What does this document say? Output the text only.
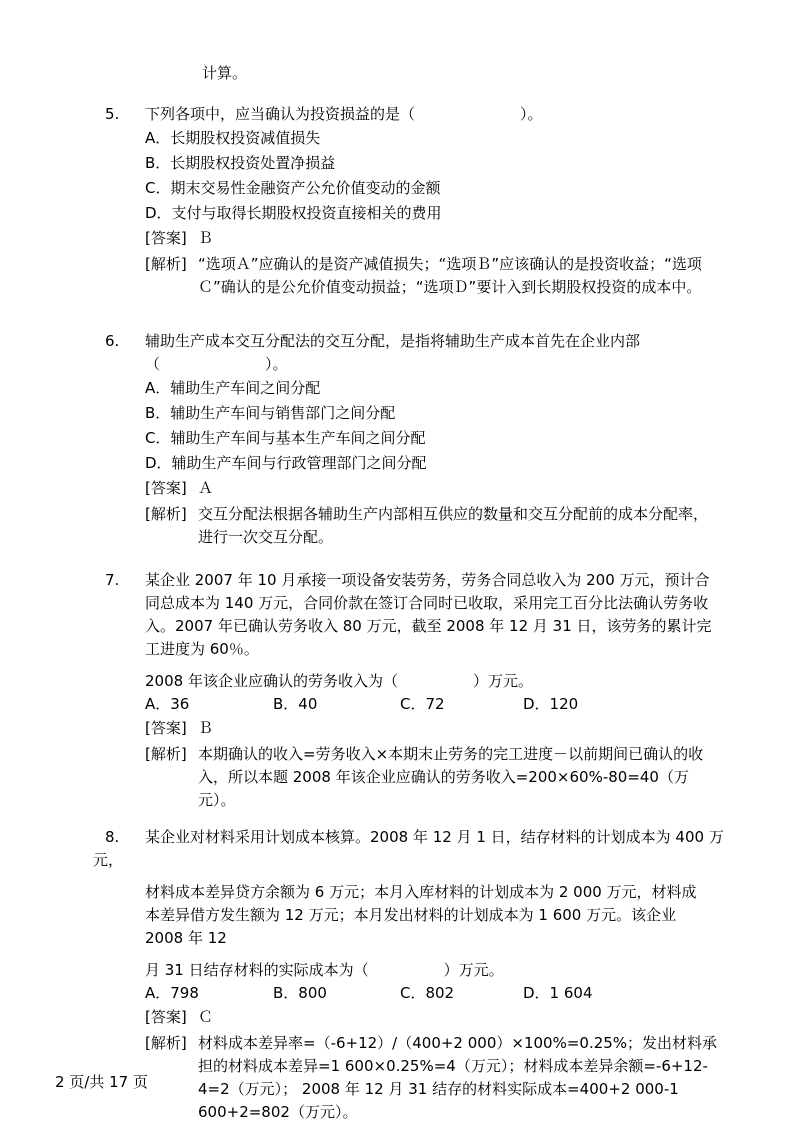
计算。
5.	下列各项中，应当确认为投资损益的是（　　　　　　　）。
A．长期股权投资减值损失
B．长期股权投资处置净损益
C．期末交易性金融资产公允价值变动的金额
D．支付与取得长期股权投资直接相关的费用
[答案] Ｂ
[解析] “选项Ａ”应确认的是资产减值损失；“选项Ｂ”应该确认的是投资收益；“选项Ｃ”确认的是公允价值变动损益；“选项Ｄ”要计入到长期股权投资的成本中。
6.	辅助生产成本交互分配法的交互分配，是指将辅助生产成本首先在企业内部
（　　　　　　　）。
A．辅助生产车间之间分配
B．辅助生产车间与销售部门之间分配
C．辅助生产车间与基本生产车间之间分配
D．辅助生产车间与行政管理部门之间分配
[答案] Ａ
[解析] 交互分配法根据各辅助生产内部相互供应的数量和交互分配前的成本分配率，进行一次交互分配。
7.	某企业 2007 年 10 月承接一项设备安装劳务，劳务合同总收入为 200 万元，预计合同总成本为 140 万元，合同价款在签订合同时已收取，采用完工百分比法确认劳务收入。2007 年已确认劳务收入 80 万元，截至 2008 年 12 月 31 日，该劳务的累计完工进度为 60％。
2008 年该企业应确认的劳务收入为（　　　　　）万元。
A．36	B．40	C．72	D．120
[答案] Ｂ
[解析] 本期确认的收入=劳务收入×本期末止劳务的完工进度－以前期间已确认的收入，所以本题 2008 年该企业应确认的劳务收入=200×60%-80=40（万元）。
8.	某企业对材料采用计划成本核算。2008 年 12 月 1 日，结存材料的计划成本为 400 万
元，
材料成本差异贷方余额为 6 万元；本月入库材料的计划成本为 2 000 万元，材料成
本差异借方发生额为 12 万元；本月发出材料的计划成本为 1 600 万元。该企业
2008 年 12
月 31 日结存材料的实际成本为（　　　　　）万元。
A．798	B．800	C．802	D．1 604
[答案] Ｃ
[解析] 材料成本差异率=（-6+12）/（400+2 000）×100%=0.25%；发出材料承担的材料成本差异=1 600×0.25%=4（万元）；材料成本差异余额=-6+12-4=2（万元）； 2008 年 12 月 31 结存的材料实际成本=400+2 000-1 600+2=802（万元）。
2 页/共 17 页
